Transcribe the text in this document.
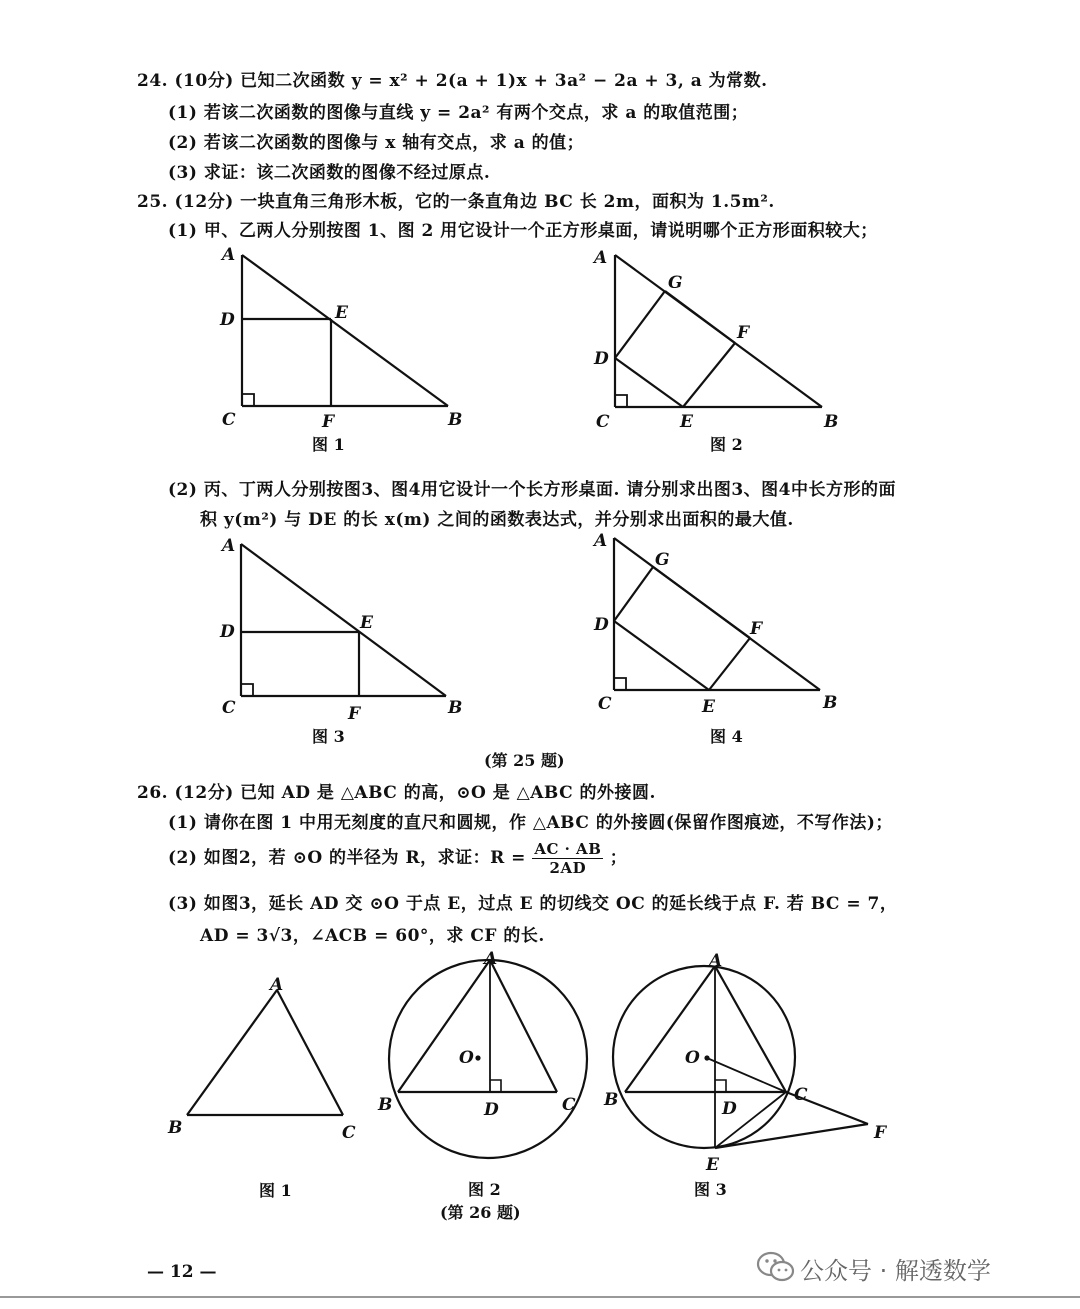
24. (10分) 已知二次函数 y = x² + 2(a + 1)x + 3a² − 2a + 3, a 为常数.
(1) 若该二次函数的图像与直线 y = 2a² 有两个交点，求 a 的取值范围；
(2) 若该二次函数的图像与 x 轴有交点，求 a 的值；
(3) 求证：该二次函数的图像不经过原点.
25. (12分) 一块直角三角形木板，它的一条直角边 BC 长 2m，面积为 1.5m².
(1) 甲、乙两人分别按图 1、图 2 用它设计一个正方形桌面，请说明哪个正方形面积较大；
A
D	E
C	F	B
A
G
F
D
C	E	B
图 1	图 2
(2) 丙、丁两人分别按图3、图4用它设计一个长方形桌面. 请分别求出图3、图4中长方形的面
积 y(m²) 与 DE 的长 x(m) 之间的函数表达式，并分别求出面积的最大值.
A
D	E
C	F	B
A
G
F
D
C	E	B
图 3	图 4
(第 25 题)
26. (12分) 已知 AD 是 △ABC 的高，⊙O 是 △ABC 的外接圆.
(1) 请你在图 1 中用无刻度的直尺和圆规，作 △ABC 的外接圆(保留作图痕迹，不写作法)；
(2) 如图2，若 ⊙O 的半径为 R，求证：$R = \frac{AC \cdot AB}{2AD}$ ；
(3) 如图3，延长 AD 交 ⊙O 于点 E，过点 E 的切线交 OC 的延长线于点 F. 若 BC = 7，
AD = 3√3，∠ACB = 60°，求 CF 的长.
A
B	C
A
O
B	D	C
A
O
B	D
C
E
F
图 1	图 2	图 3
(第 26 题)
— 12 —	公众号 · 解透数学
